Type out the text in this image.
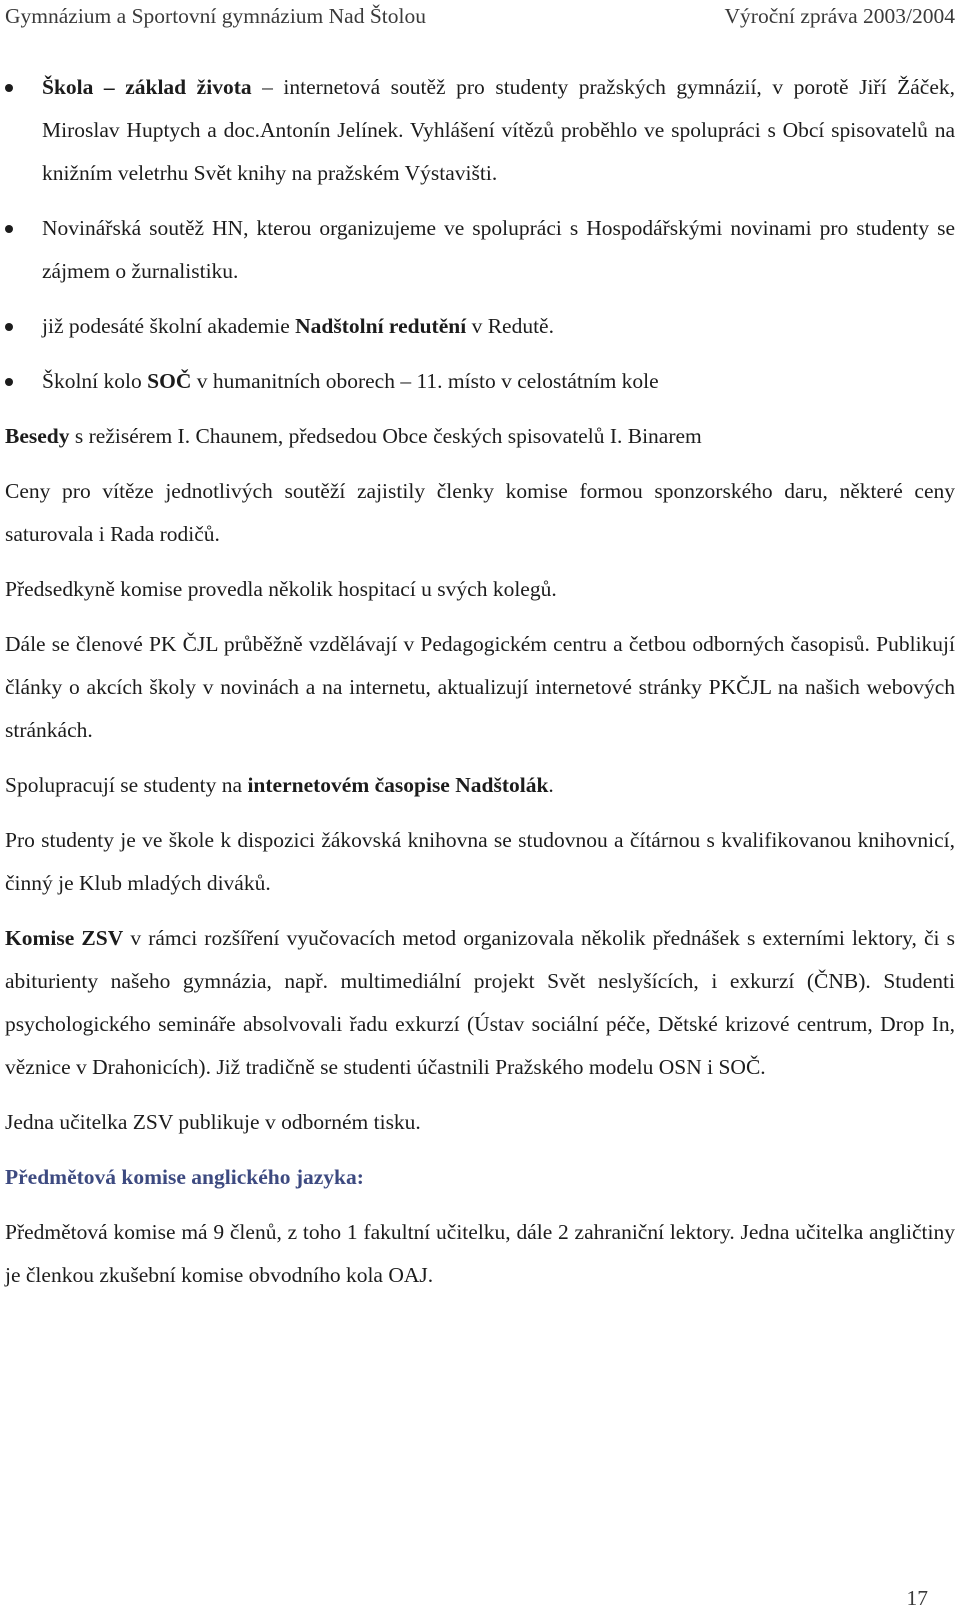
Gymnázium a Sportovní gymnázium Nad Štolou	Výroční zpráva 2003/2004
Škola – základ života – internetová soutěž pro studenty pražských gymnázií, v porotě Jiří Žáček, Miroslav Huptych a doc.Antonín Jelínek. Vyhlášení vítězů proběhlo ve spolupráci s Obcí spisovatelů na knižním veletrhu Svět knihy na pražském Výstavišti.
Novinářská soutěž HN, kterou organizujeme ve spolupráci s Hospodářskými novinami pro studenty se zájmem o žurnalistiku.
již podesáté školní akademie Nadštolní redutění v Redutě.
Školní kolo SOČ v humanitních oborech – 11. místo v celostátním kole

Besedy s režisérem I. Chaunem, předsedou Obce českých spisovatelů I. Binarem

Ceny pro vítěze jednotlivých soutěží zajistily členky komise formou sponzorského daru, některé ceny saturovala i Rada rodičů.

Předsedkyně komise provedla několik hospitací u svých kolegů.

Dále se členové PK ČJL průběžně vzdělávají v Pedagogickém centru a četbou odborných časopisů. Publikují články o akcích školy v novinách a na internetu, aktualizují internetové stránky PKČJL na našich webových stránkách.

Spolupracují se studenty na internetovém časopise Nadštolák.

Pro studenty je ve škole k dispozici žákovská knihovna se studovnou a čítárnou s kvalifikovanou knihovnicí, činný je Klub mladých diváků.

Komise ZSV v rámci rozšíření vyučovacích metod organizovala několik přednášek s externími lektory, či s abiturienty našeho gymnázia, např. multimediální projekt Svět neslyšících, i exkurzí (ČNB). Studenti psychologického semináře absolvovali řadu exkurzí (Ústav sociální péče, Dětské krizové centrum, Drop In, věznice v Drahonicích). Již tradičně se studenti účastnili Pražského modelu OSN i SOČ.

Jedna učitelka ZSV publikuje v odborném tisku.

Předmětová komise anglického jazyka:

Předmětová komise má 9 členů, z toho 1 fakultní učitelku, dále 2 zahraniční lektory. Jedna učitelka angličtiny je členkou zkušební komise obvodního kola OAJ.

17
